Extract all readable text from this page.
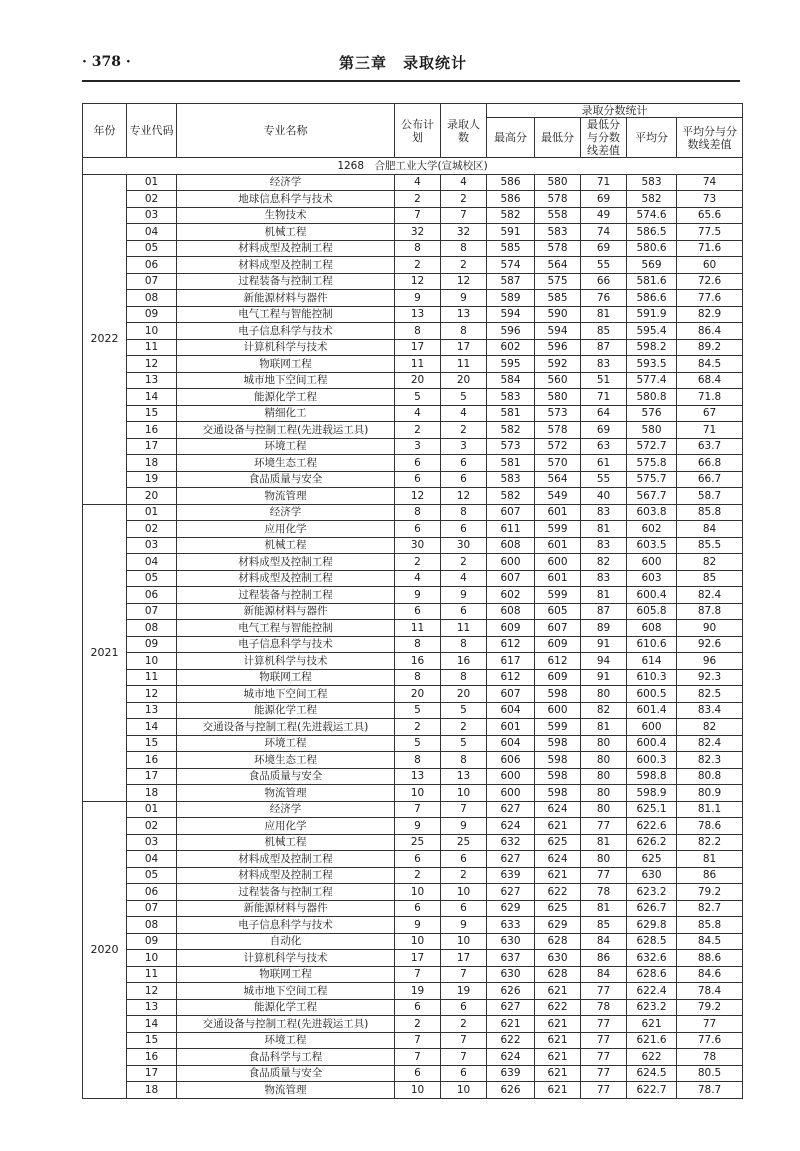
· 378 ·	第三章　录取统计
年份	专业代码	专业名称	公布计划	录取人数	录取分数统计				
					最高分	最低分	最低分与分数线差值	平均分	平均分与分数线差值
1268　合肥工业大学(宣城校区)									
2022	01	经济学	4	4	586	580	71	583	74
	02	地球信息科学与技术	2	2	586	578	69	582	73
	03	生物技术	7	7	582	558	49	574.6	65.6
	04	机械工程	32	32	591	583	74	586.5	77.5
	05	材料成型及控制工程	8	8	585	578	69	580.6	71.6
	06	材料成型及控制工程	2	2	574	564	55	569	60
	07	过程装备与控制工程	12	12	587	575	66	581.6	72.6
	08	新能源材料与器件	9	9	589	585	76	586.6	77.6
	09	电气工程与智能控制	13	13	594	590	81	591.9	82.9
	10	电子信息科学与技术	8	8	596	594	85	595.4	86.4
	11	计算机科学与技术	17	17	602	596	87	598.2	89.2
	12	物联网工程	11	11	595	592	83	593.5	84.5
	13	城市地下空间工程	20	20	584	560	51	577.4	68.4
	14	能源化学工程	5	5	583	580	71	580.8	71.8
	15	精细化工	4	4	581	573	64	576	67
	16	交通设备与控制工程(先进载运工具)	2	2	582	578	69	580	71
	17	环境工程	3	3	573	572	63	572.7	63.7
	18	环境生态工程	6	6	581	570	61	575.8	66.8
	19	食品质量与安全	6	6	583	564	55	575.7	66.7
	20	物流管理	12	12	582	549	40	567.7	58.7
2021	01	经济学	8	8	607	601	83	603.8	85.8
	02	应用化学	6	6	611	599	81	602	84
	03	机械工程	30	30	608	601	83	603.5	85.5
	04	材料成型及控制工程	2	2	600	600	82	600	82
	05	材料成型及控制工程	4	4	607	601	83	603	85
	06	过程装备与控制工程	9	9	602	599	81	600.4	82.4
	07	新能源材料与器件	6	6	608	605	87	605.8	87.8
	08	电气工程与智能控制	11	11	609	607	89	608	90
	09	电子信息科学与技术	8	8	612	609	91	610.6	92.6
	10	计算机科学与技术	16	16	617	612	94	614	96
	11	物联网工程	8	8	612	609	91	610.3	92.3
	12	城市地下空间工程	20	20	607	598	80	600.5	82.5
	13	能源化学工程	5	5	604	600	82	601.4	83.4
	14	交通设备与控制工程(先进载运工具)	2	2	601	599	81	600	82
	15	环境工程	5	5	604	598	80	600.4	82.4
	16	环境生态工程	8	8	606	598	80	600.3	82.3
	17	食品质量与安全	13	13	600	598	80	598.8	80.8
	18	物流管理	10	10	600	598	80	598.9	80.9
2020	01	经济学	7	7	627	624	80	625.1	81.1
	02	应用化学	9	9	624	621	77	622.6	78.6
	03	机械工程	25	25	632	625	81	626.2	82.2
	04	材料成型及控制工程	6	6	627	624	80	625	81
	05	材料成型及控制工程	2	2	639	621	77	630	86
	06	过程装备与控制工程	10	10	627	622	78	623.2	79.2
	07	新能源材料与器件	6	6	629	625	81	626.7	82.7
	08	电子信息科学与技术	9	9	633	629	85	629.8	85.8
	09	自动化	10	10	630	628	84	628.5	84.5
	10	计算机科学与技术	17	17	637	630	86	632.6	88.6
	11	物联网工程	7	7	630	628	84	628.6	84.6
	12	城市地下空间工程	19	19	626	621	77	622.4	78.4
	13	能源化学工程	6	6	627	622	78	623.2	79.2
	14	交通设备与控制工程(先进载运工具)	2	2	621	621	77	621	77
	15	环境工程	7	7	622	621	77	621.6	77.6
	16	食品科学与工程	7	7	624	621	77	622	78
	17	食品质量与安全	6	6	639	621	77	624.5	80.5
	18	物流管理	10	10	626	621	77	622.7	78.7
